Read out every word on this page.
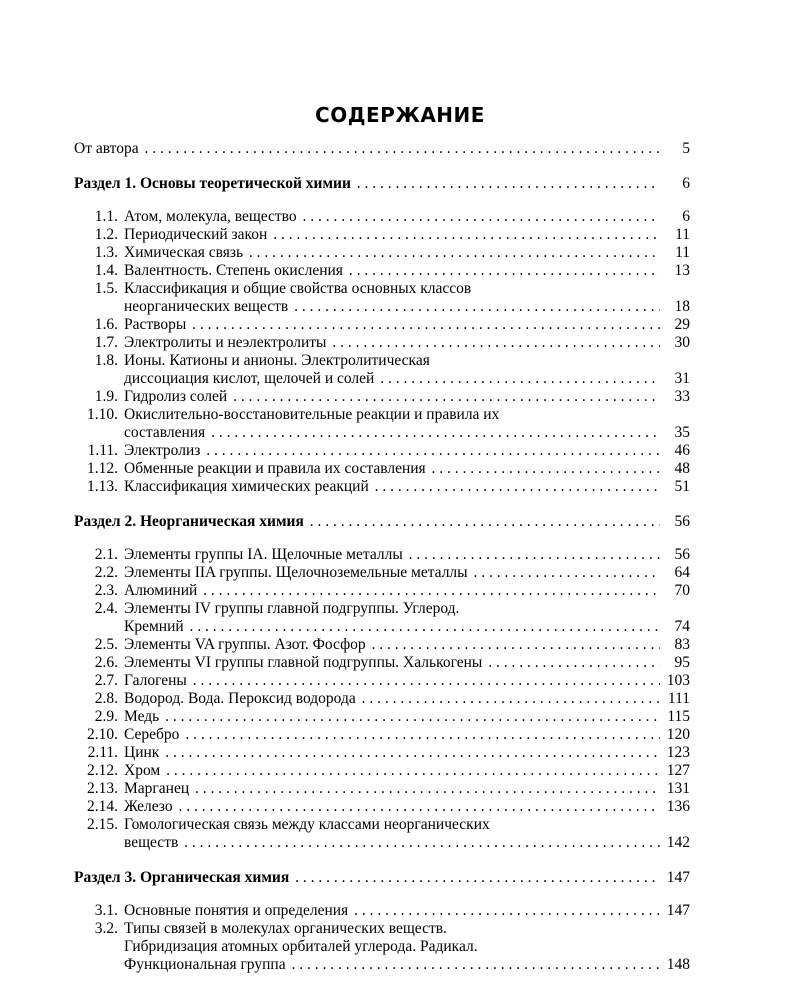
СОДЕРЖАНИЕ
От автора . . .	5
Раздел 1. Основы теоретической химии . . .	6
1.1. Атом, молекула, вещество . . .	6
1.2. Периодический закон . . .	11
1.3. Химическая связь . . .	11
1.4. Валентность. Степень окисления . . .	13
1.5. Классификация и общие свойства основных классов
неорганических веществ . . .	18
1.6. Растворы . . .	29
1.7. Электролиты и неэлектролиты . . .	30
1.8. Ионы. Катионы и анионы. Электролитическая
диссоциация кислот, щелочей и солей . . .	31
1.9. Гидролиз солей . . .	33
1.10. Окислительно-восстановительные реакции и правила их
составления . . .	35
1.11. Электролиз . . .	46
1.12. Обменные реакции и правила их составления . . .	48
1.13. Классификация химических реакций . . .	51
Раздел 2. Неорганическая химия . . .	56
2.1. Элементы группы IA. Щелочные металлы . . .	56
2.2. Элементы IIA группы. Щелочноземельные металлы . . .	64
2.3. Алюминий . . .	70
2.4. Элементы IV группы главной подгруппы. Углерод.
Кремний . . .	74
2.5. Элементы VA группы. Азот. Фосфор . . .	83
2.6. Элементы VI группы главной подгруппы. Халькогены . . .	95
2.7. Галогены . . .	103
2.8. Водород. Вода. Пероксид водорода . . .	111
2.9. Медь . . .	115
2.10. Серебро . . .	120
2.11. Цинк . . .	123
2.12. Хром . . .	127
2.13. Марганец . . .	131
2.14. Железо . . .	136
2.15. Гомологическая связь между классами неорганических
веществ . . .	142
Раздел 3. Органическая химия . . .	147
3.1. Основные понятия и определения . . .	147
3.2. Типы связей в молекулах органических веществ.
Гибридизация атомных орбиталей углерода. Радикал.
Функциональная группа . . .	148
